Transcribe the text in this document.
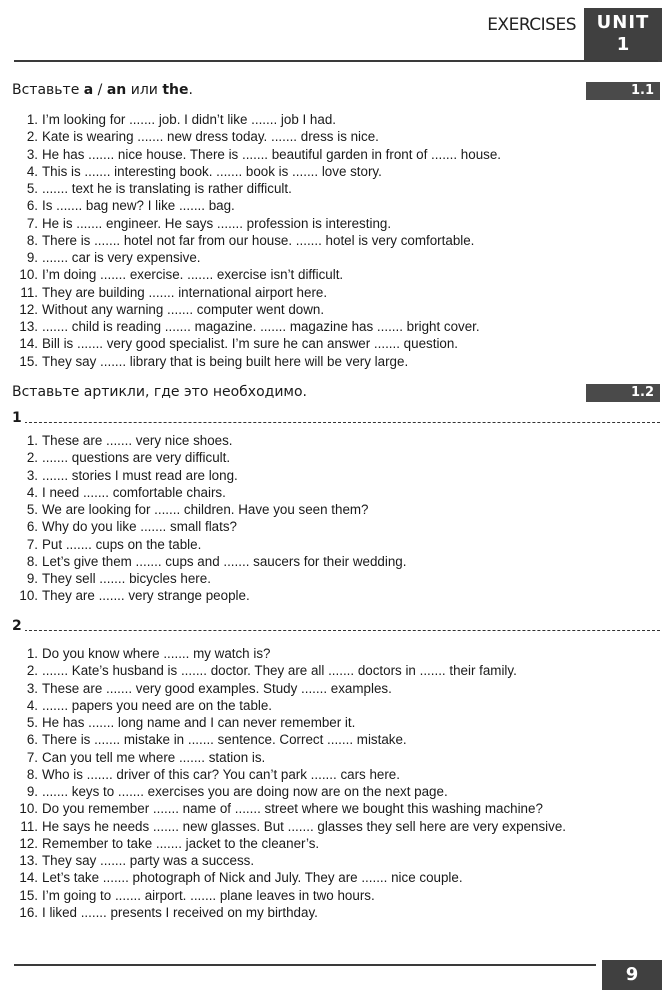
EXERCISES	UNIT
1
Вставьте a / an или the.	1.1
1. I’m looking for ....... job. I didn’t like ....... job I had.
2. Kate is wearing ....... new dress today. ....... dress is nice.
3. He has ....... nice house. There is ....... beautiful garden in front of ....... house.
4. This is ....... interesting book. ....... book is ....... love story.
5. ....... text he is translating is rather difficult.
6. Is ....... bag new? I like ....... bag.
7. He is ....... engineer. He says ....... profession is interesting.
8. There is ....... hotel not far from our house. ....... hotel is very comfortable.
9. ....... car is very expensive.
10. I’m doing ....... exercise. ....... exercise isn’t difficult.
11. They are building ....... international airport here.
12. Without any warning ....... computer went down.
13. ....... child is reading ....... magazine. ....... magazine has ....... bright cover.
14. Bill is ....... very good specialist. I’m sure he can answer ....... question.
15. They say ....... library that is being built here will be very large.
Вставьте артикли, где это необходимо.	1.2
1
1. These are ....... very nice shoes.
2. ....... questions are very difficult.
3. ....... stories I must read are long.
4. I need ....... comfortable chairs.
5. We are looking for ....... children. Have you seen them?
6. Why do you like ....... small flats?
7. Put ....... cups on the table.
8. Let’s give them ....... cups and ....... saucers for their wedding.
9. They sell ....... bicycles here.
10. They are ....... very strange people.
2
1. Do you know where ....... my watch is?
2. ....... Kate’s husband is ....... doctor. They are all ....... doctors in ....... their family.
3. These are ....... very good examples. Study ....... examples.
4. ....... papers you need are on the table.
5. He has ....... long name and I can never remember it.
6. There is ....... mistake in ....... sentence. Correct ....... mistake.
7. Can you tell me where ....... station is.
8. Who is ....... driver of this car? You can’t park ....... cars here.
9. ....... keys to ....... exercises you are doing now are on the next page.
10. Do you remember ....... name of ....... street where we bought this washing machine?
11. He says he needs ....... new glasses. But ....... glasses they sell here are very expensive.
12. Remember to take ....... jacket to the cleaner’s.
13. They say ....... party was a success.
14. Let’s take ....... photograph of Nick and July. They are ....... nice couple.
15. I’m going to ....... airport. ....... plane leaves in two hours.
16. I liked ....... presents I received on my birthday.
9
